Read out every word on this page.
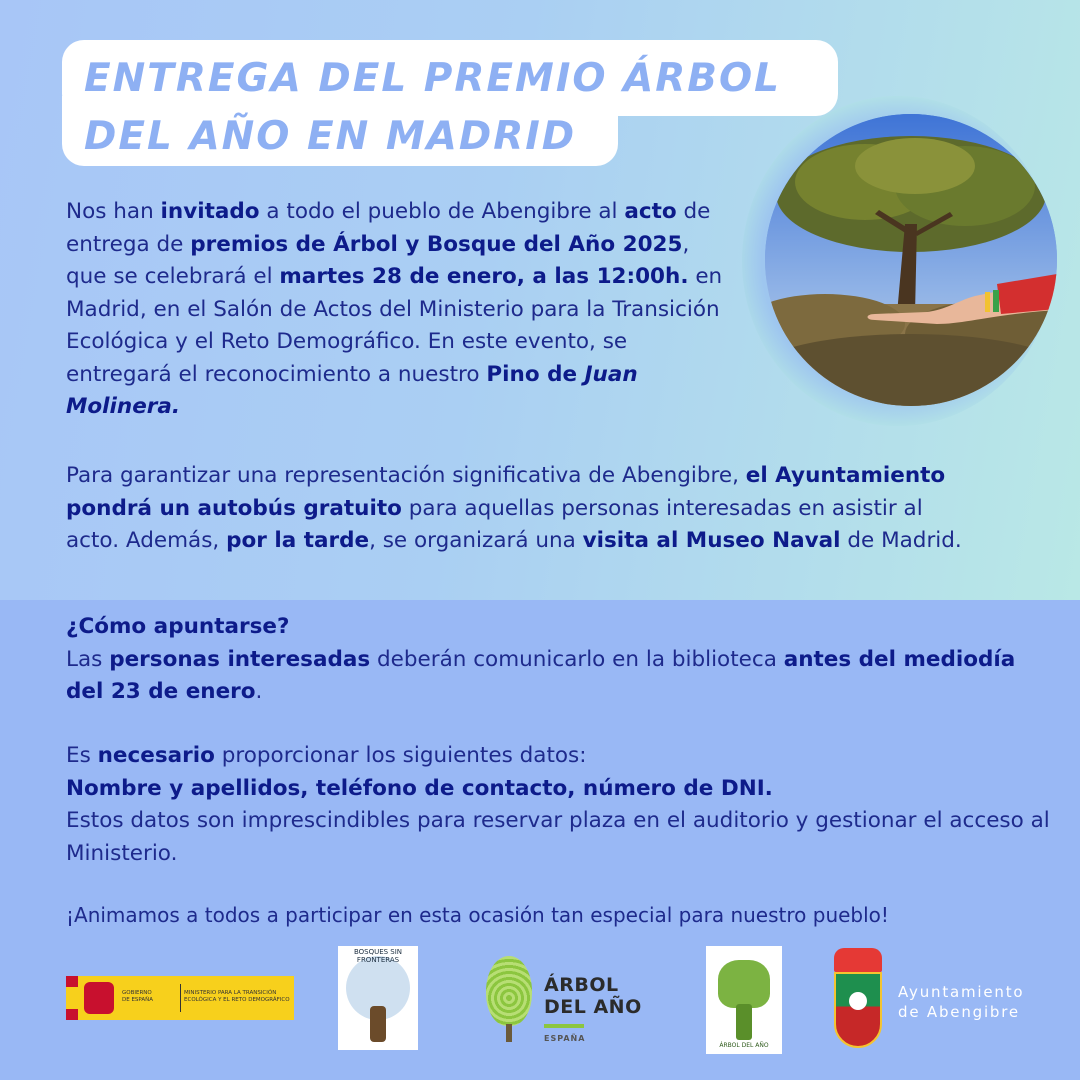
ENTREGA DEL PREMIO ÁRBOL
DEL AÑO EN MADRID
Nos han invitado a todo el pueblo de Abengibre al acto de entrega de premios de Árbol y Bosque del Año 2025, que se celebrará el martes 28 de enero, a las 12:00h. en Madrid, en el Salón de Actos del Ministerio para la Transición Ecológica y el Reto Demográfico. En este evento, se entregará el reconocimiento a nuestro Pino de Juan Molinera.
Para garantizar una representación significativa de Abengibre, el Ayuntamiento pondrá un autobús gratuito para aquellas personas interesadas en asistir al acto. Además, por la tarde, se organizará una visita al Museo Naval de Madrid.
¿Cómo apuntarse?
Las personas interesadas deberán comunicarlo en la biblioteca antes del mediodía del 23 de enero.
Es necesario proporcionar los siguientes datos:
Nombre y apellidos, teléfono de contacto, número de DNI.
Estos datos son imprescindibles para reservar plaza en el auditorio y gestionar el acceso al Ministerio.
¡Animamos a todos a participar en esta ocasión tan especial para nuestro pueblo!
GOBIERNO
DE ESPAÑA
MINISTERIO PARA LA TRANSICIÓN ECOLÓGICA Y EL RETO DEMOGRÁFICO
BOSQUES SIN FRONTERAS
ÁRBOL
DEL AÑO
ESPAÑA
ÁRBOL DEL AÑO
Ayuntamiento
de Abengibre
